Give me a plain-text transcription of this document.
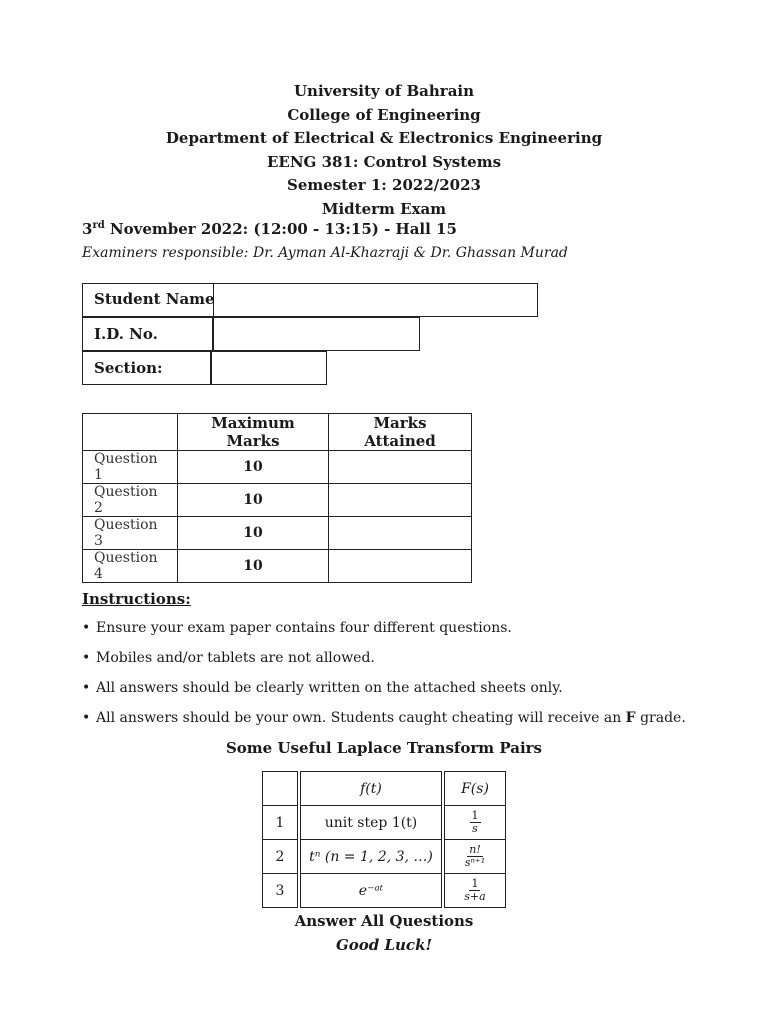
University of Bahrain
College of Engineering
Department of Electrical & Electronics Engineering
EENG 381: Control Systems
Semester 1: 2022/2023
Midterm Exam
3rd November 2022: (12:00 - 13:15) - Hall 15
Examiners responsible: Dr. Ayman Al-Khazraji & Dr. Ghassan Murad
Student Name
I.D. No.
Section:
	Maximum Marks	Marks Attained
Question 1	10	
Question 2	10	
Question 3	10	
Question 4	10	
Instructions:
• Ensure your exam paper contains four different questions.
• Mobiles and/or tablets are not allowed.
• All answers should be clearly written on the attached sheets only.
• All answers should be your own. Students caught cheating will receive an F grade.
Some Useful Laplace Transform Pairs
	f(t)	F(s)
1	unit step 1(t)	$\frac{1}{s}$

2	tⁿ (n = 1, 2, 3, …)	$\frac{n!}{\text{sⁿ⁺¹}}$

3	e⁻ᵃᵗ	$\frac{1}{s+a}$
Answer All Questions
Good Luck!
